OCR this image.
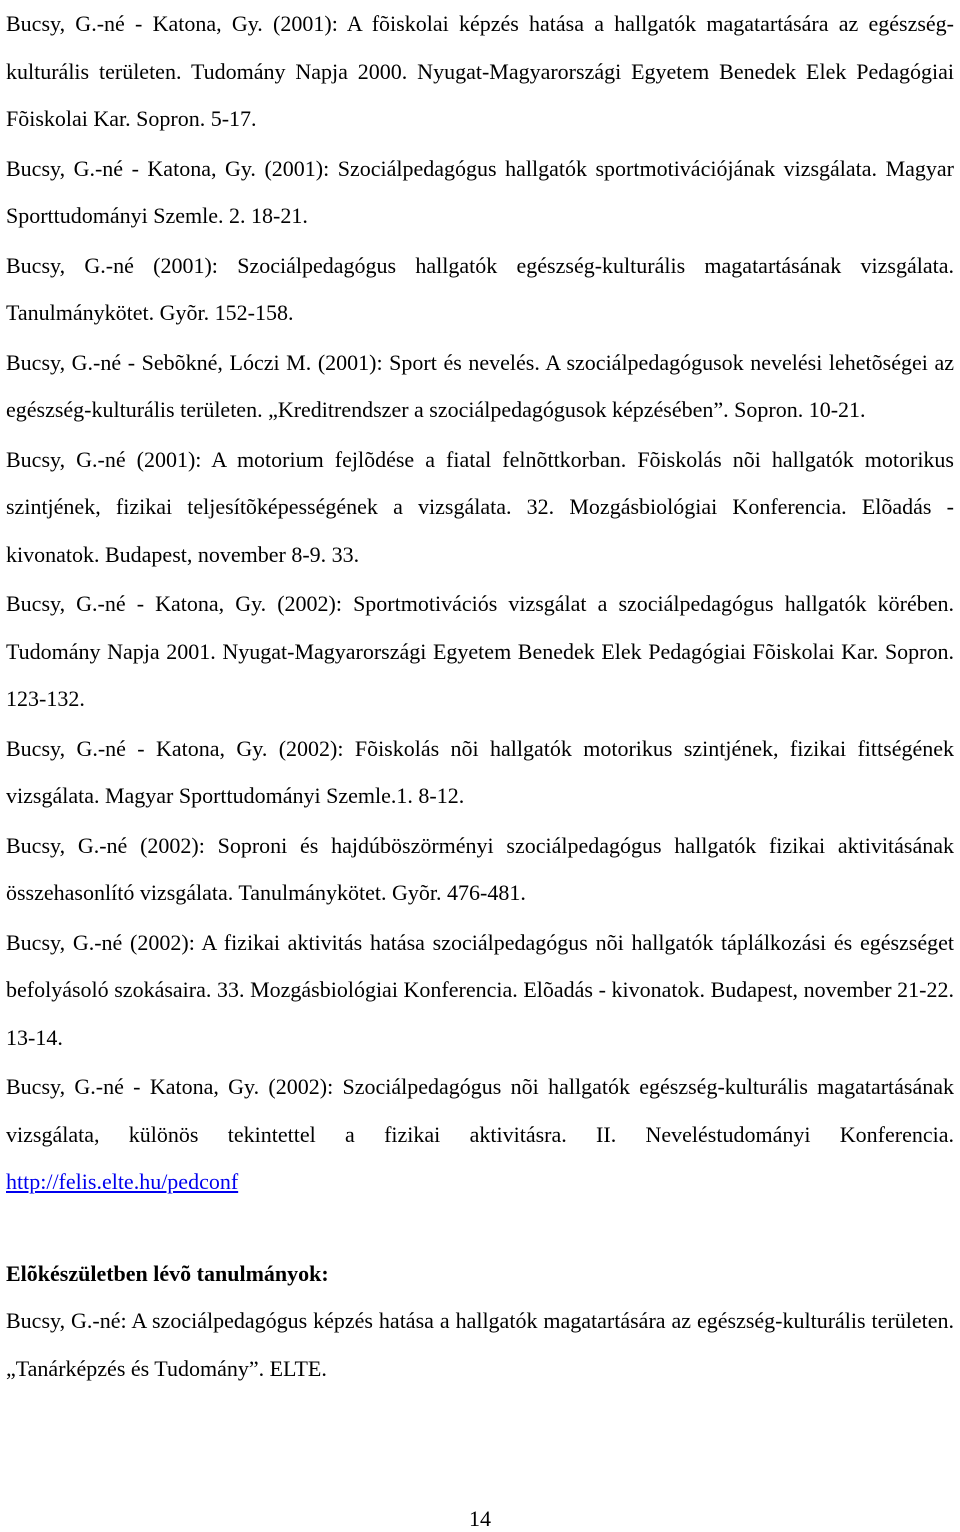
Bucsy, G.-né - Katona, Gy. (2001): A fõiskolai képzés hatása a hallgatók magatartására az egészség-kulturális területen. Tudomány Napja 2000. Nyugat-Magyarországi Egyetem Benedek Elek Pedagógiai Fõiskolai Kar. Sopron. 5-17.

Bucsy, G.-né - Katona, Gy. (2001): Szociálpedagógus hallgatók sportmotivációjának vizsgálata. Magyar Sporttudományi Szemle. 2. 18-21.

Bucsy, G.-né (2001): Szociálpedagógus hallgatók egészség-kulturális magatartásának vizsgálata. Tanulmánykötet. Gyõr. 152-158.

Bucsy, G.-né - Sebõkné, Lóczi M. (2001): Sport és nevelés. A szociálpedagógusok nevelési lehetõségei az egészség-kulturális területen. „Kreditrendszer a szociálpedagógusok képzésében”. Sopron. 10-21.

Bucsy, G.-né (2001): A motorium fejlõdése a fiatal felnõttkorban. Fõiskolás nõi hallgatók motorikus szintjének, fizikai teljesítõképességének a vizsgálata. 32. Mozgásbiológiai Konferencia. Elõadás - kivonatok. Budapest, november 8-9. 33.

Bucsy, G.-né - Katona, Gy. (2002): Sportmotivációs vizsgálat a szociálpedagógus hallgatók körében. Tudomány Napja 2001. Nyugat-Magyarországi Egyetem Benedek Elek Pedagógiai Fõiskolai Kar. Sopron. 123-132.

Bucsy, G.-né - Katona, Gy. (2002): Fõiskolás nõi hallgatók motorikus szintjének, fizikai fittségének vizsgálata. Magyar Sporttudományi Szemle.1. 8-12.

Bucsy, G.-né (2002): Soproni és hajdúböszörményi szociálpedagógus hallgatók fizikai aktivitásának összehasonlító vizsgálata. Tanulmánykötet. Gyõr. 476-481.

Bucsy, G.-né (2002): A fizikai aktivitás hatása szociálpedagógus nõi hallgatók táplálkozási és egészséget befolyásoló szokásaira. 33. Mozgásbiológiai Konferencia. Elõadás - kivonatok. Budapest, november 21-22. 13-14.

Bucsy, G.-né - Katona, Gy. (2002): Szociálpedagógus nõi hallgatók egészség-kulturális magatartásának vizsgálata, különös tekintettel a fizikai aktivitásra. II. Neveléstudományi Konferencia. http://felis.elte.hu/pedconf

Elõkészületben lévõ tanulmányok:

Bucsy, G.-né: A szociálpedagógus képzés hatása a hallgatók magatartására az egészség-kulturális területen. „Tanárképzés és Tudomány”. ELTE.

14
